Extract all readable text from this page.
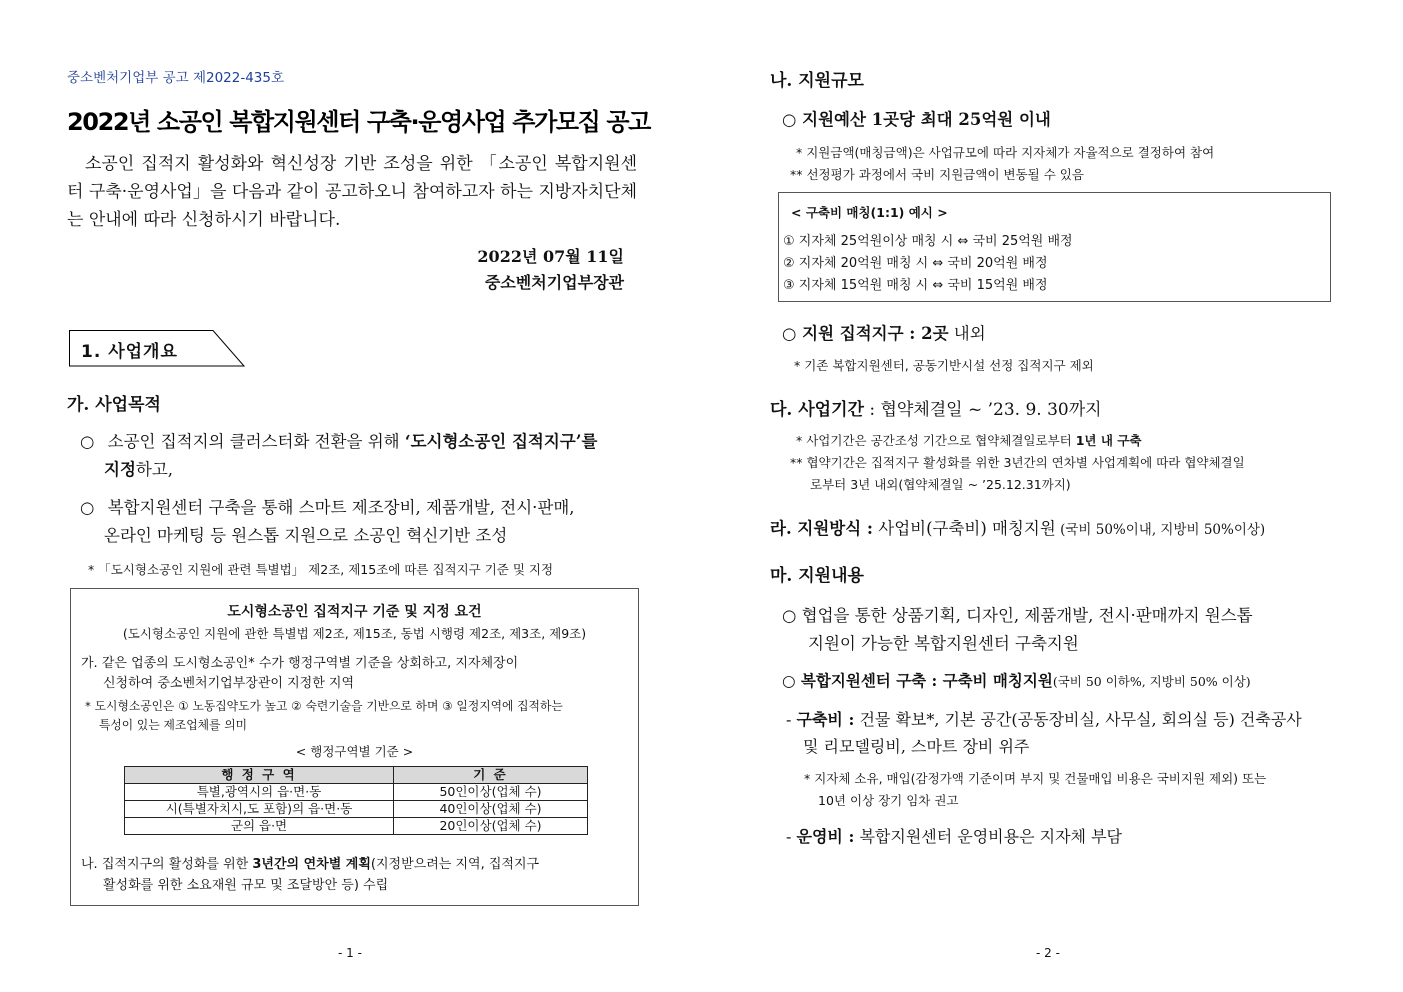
중소벤처기업부 공고 제2022-435호
2022년 소공인 복합지원센터 구축·운영사업 추가모집 공고
소공인 집적지 활성화와 혁신성장 기반 조성을 위한 「소공인 복합지원센터 구축·운영사업」을 다음과 같이 공고하오니 참여하고자 하는 지방자치단체는 안내에 따라 신청하시기 바랍니다.
2022년 07월 11일
중소벤처기업부장관
1. 사업개요
가. 사업목적
○ 소공인 집적지의 클러스터화 전환을 위해 ‘도시형소공인 집적지구’를
지정하고,
○ 복합지원센터 구축을 통해 스마트 제조장비, 제품개발, 전시·판매,
온라인 마케팅 등 원스톱 지원으로 소공인 혁신기반 조성
* 「도시형소공인 지원에 관련 특별법」 제2조, 제15조에 따른 집적지구 기준 및 지정
도시형소공인 집적지구 기준 및 지정 요건
(도시형소공인 지원에 관한 특별법 제2조, 제15조, 동법 시행령 제2조, 제3조, 제9조)
가. 같은 업종의 도시형소공인* 수가 행정구역별 기준을 상회하고, 지자체장이
신청하여 중소벤처기업부장관이 지정한 지역
* 도시형소공인은 ① 노동집약도가 높고 ② 숙련기술을 기반으로 하며 ③ 일정지역에 집적하는
특성이 있는 제조업체를 의미
< 행정구역별 기준 >
행 정 구 역	기 준
특별,광역시의 읍·면·동	50인이상(업체 수)
시(특별자치시,도 포함)의 읍·면·동	40인이상(업체 수)
군의 읍·면	20인이상(업체 수)
나. 집적지구의 활성화를 위한 3년간의 연차별 계획(지정받으려는 지역, 집적지구
활성화를 위한 소요재원 규모 및 조달방안 등) 수립
- 1 -
나. 지원규모
○ 지원예산 1곳당 최대 25억원 이내
* 지원금액(매칭금액)은 사업규모에 따라 지자체가 자율적으로 결정하여 참여
** 선정평가 과정에서 국비 지원금액이 변동될 수 있음
< 구축비 매칭(1:1) 예시 >
① 지자체 25억원이상 매칭 시 ⇔ 국비 25억원 배정
② 지자체 20억원 매칭 시 ⇔ 국비 20억원 배정
③ 지자체 15억원 매칭 시 ⇔ 국비 15억원 배정
○ 지원 집적지구 : 2곳 내외
* 기존 복합지원센터, 공동기반시설 선정 집적지구 제외
다. 사업기간 : 협약체결일 ~ ’23. 9. 30까지
* 사업기간은 공간조성 기간으로 협약체결일로부터 1년 내 구축
** 협약기간은 집적지구 활성화를 위한 3년간의 연차별 사업계획에 따라 협약체결일
로부터 3년 내외(협약체결일 ~ ’25.12.31까지)
라. 지원방식 : 사업비(구축비) 매칭지원 (국비 50%이내, 지방비 50%이상)
마. 지원내용
○ 협업을 통한 상품기획, 디자인, 제품개발, 전시·판매까지 원스톱
지원이 가능한 복합지원센터 구축지원
○ 복합지원센터 구축 : 구축비 매칭지원(국비 50 이하%, 지방비 50% 이상)
- 구축비 : 건물 확보*, 기본 공간(공동장비실, 사무실, 회의실 등) 건축공사
및 리모델링비, 스마트 장비 위주
* 지자체 소유, 매입(감정가액 기준이며 부지 및 건물매입 비용은 국비지원 제외) 또는
10년 이상 장기 임차 권고
- 운영비 : 복합지원센터 운영비용은 지자체 부담
- 2 -
